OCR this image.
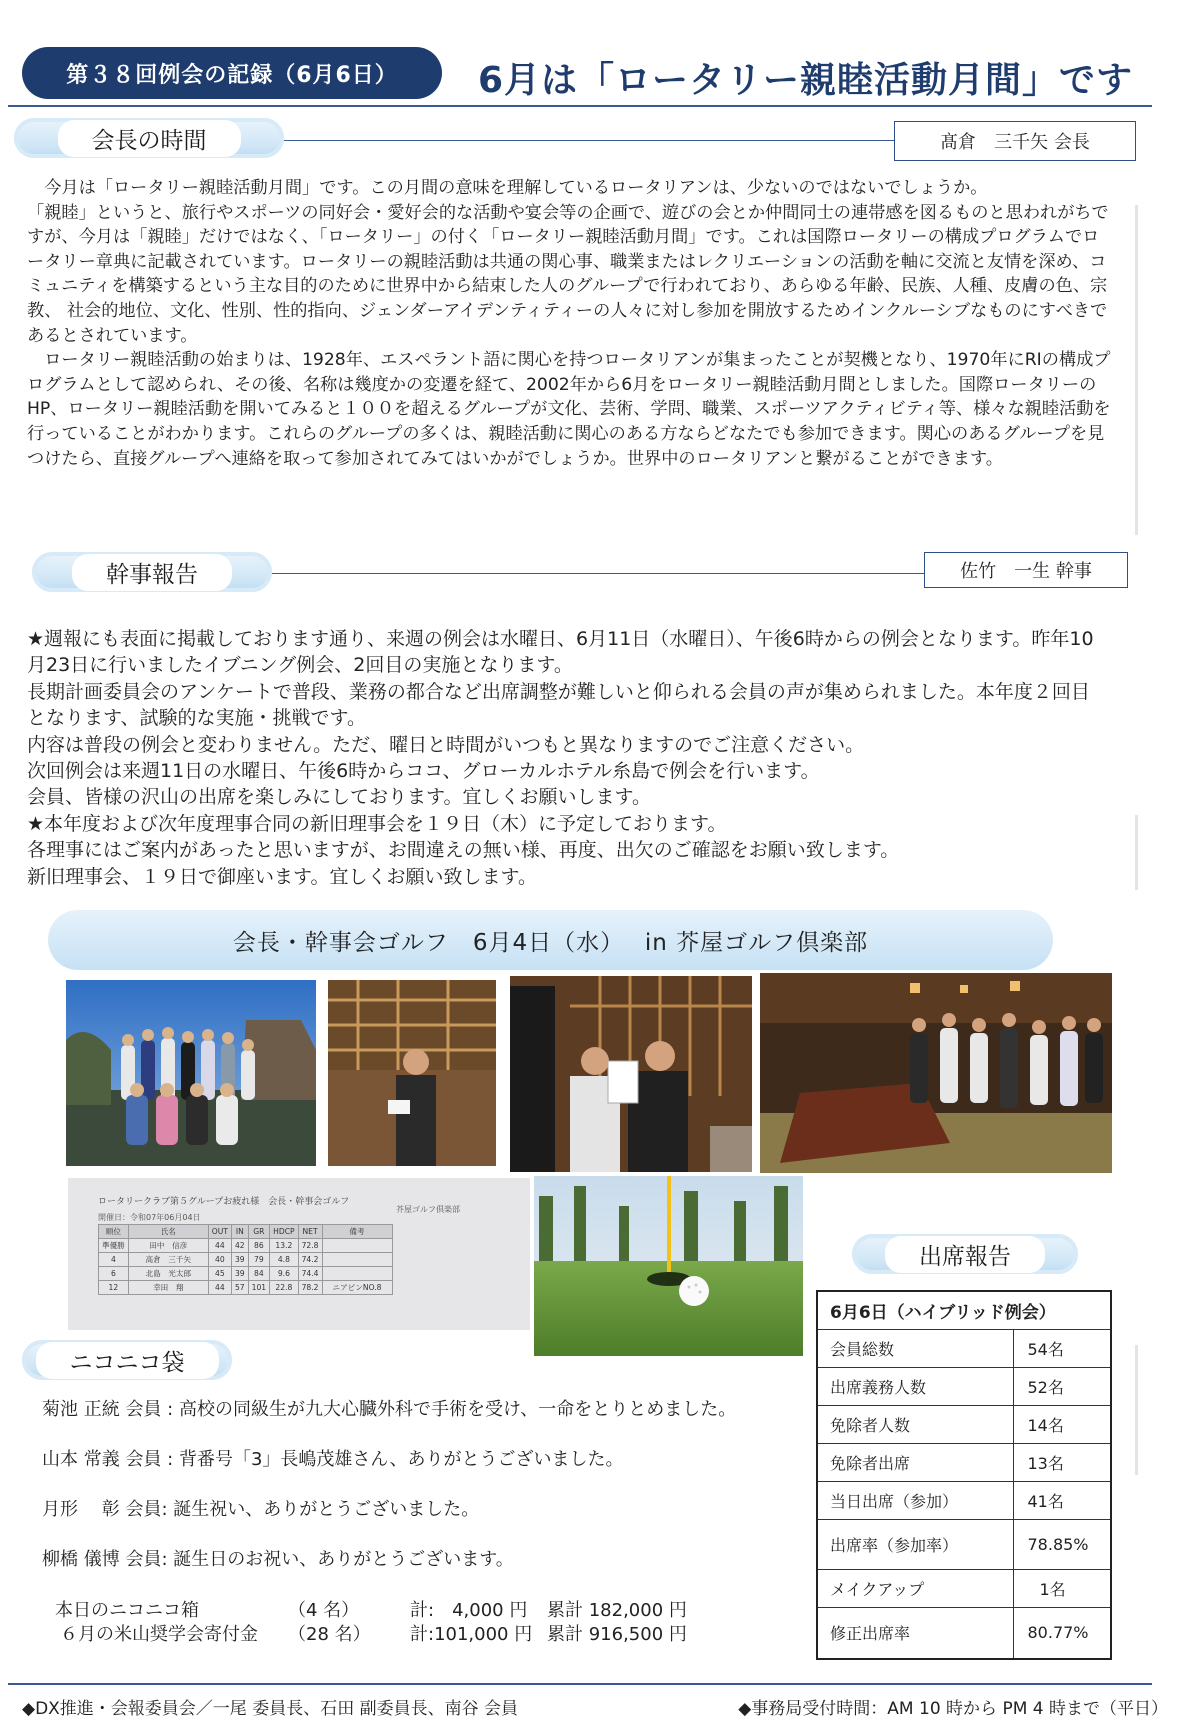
第３８回例会の記録（6月6日）	6月は「ロータリー親睦活動月間」です
会長の時間	髙倉　三千矢 会長

　今月は「ロータリー親睦活動月間」です。この月間の意味を理解しているロータリアンは、少ないのではないでしょうか。

「親睦」というと、旅行やスポーツの同好会・愛好会的な活動や宴会等の企画で、遊びの会とか仲間同士の連帯感を図るものと思われがちですが、今月は「親睦」だけではなく、「ロータリー」の付く「ロータリー親睦活動月間」です。これは国際ロータリーの構成プログラムでロータリー章典に記載されています。ロータリーの親睦活動は共通の関心事、職業またはレクリエーションの活動を軸に交流と友情を深め、コミュニティを構築するという主な目的のために世界中から結束した人のグループで行われており、あらゆる年齢、民族、人種、皮膚の色、宗教、 社会的地位、文化、性別、性的指向、ジェンダーアイデンティティーの人々に対し参加を開放するためインクルーシブなものにすべきであるとされています。

　ロータリー親睦活動の始まりは、1928年、エスペラント語に関心を持つロータリアンが集まったことが契機となり、1970年にRIの構成プログラムとして認められ、その後、名称は幾度かの変遷を経て、2002年から6月をロータリー親睦活動月間としました。国際ロータリーのHP、ロータリー親睦活動を開いてみると１００を超えるグループが文化、芸術、学問、職業、スポーツアクティビティ等、様々な親睦活動を行っていることがわかります。これらのグループの多くは、親睦活動に関心のある方ならどなたでも参加できます。関心のあるグループを見つけたら、直接グループへ連絡を取って参加されてみてはいかがでしょうか。世界中のロータリアンと繋がることができます。

幹事報告	佐竹　一生 幹事

★週報にも表面に掲載しております通り、来週の例会は水曜日、6月11日（水曜日）、午後6時からの例会となります。昨年10月23日に行いましたイブニング例会、2回目の実施となります。

長期計画委員会のアンケートで普段、業務の都合など出席調整が難しいと仰られる会員の声が集められました。本年度２回目となります、試験的な実施・挑戦です。

内容は普段の例会と変わりません。ただ、曜日と時間がいつもと異なりますのでご注意ください。

次回例会は来週11日の水曜日、午後6時からココ、グローカルホテル糸島で例会を行います。

会員、皆様の沢山の出席を楽しみにしております。宜しくお願いします。

★本年度および次年度理事合同の新旧理事会を１９日（木）に予定しております。

各理事にはご案内があったと思いますが、お間違えの無い様、再度、出欠のご確認をお願い致します。

新旧理事会、１９日で御座います。宜しくお願い致します。

会長・幹事会ゴルフ　6月4日（水）　 in 芥屋ゴルフ倶楽部
ロータリークラブ第５グループお疲れ様　会長・幹事会ゴルフ
開催日：令和07年06月04日
芥屋ゴルフ倶楽部
順位	氏名	OUT	IN	GR	HDCP	NET	備考
準優勝	田中　信彦	44	42	86	13.2	72.8	
4	高倉　三千矢	40	39	79	4.8	74.2	
6	北島　光太郎	45	39	84	9.6	74.4	
12	幸田　翔	44	57	101	22.8	78.2	ニアピンNO.8
出席報告
6月6日（ハイブリッド例会）	
会員総数	54名
出席義務人数	52名
免除者人数	14名
免除者出席	13名
当日出席（参加）	41名
出席率（参加率）	78.85%
メイクアップ	1名
修正出席率	80.77%
ニコニコ袋
菊池 正統 会員 : 高校の同級生が九大心臓外科で手術を受け、一命をとりとめました。
山本 常義 会員 : 背番号「3」長嶋茂雄さん、ありがとうございました。
月形　 彰 会員: 誕生祝い、ありがとうございました。
柳橋 儀博 会員: 誕生日のお祝い、ありがとうございます。
本日のニコニコ箱	（4 名）	計:　4,000 円 累計 182,000 円
６月の米山奨学会寄付金 （28 名） 計:101,000 円 累計 916,500 円
◆DX推進・会報委員会／一尾 委員長、石田 副委員長、南谷 会員	◆事務局受付時間：AM 10 時から PM 4 時まで（平日）
